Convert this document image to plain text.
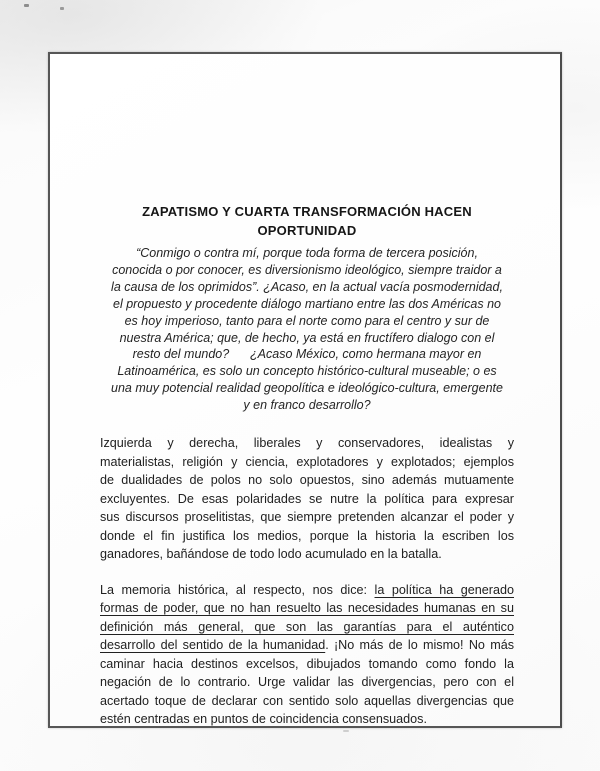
ZAPATISMO Y CUARTA TRANSFORMACIÓN HACEN
OPORTUNIDAD
“Conmigo o contra mí, porque toda forma de tercera posición,
conocida o por conocer, es diversionismo ideológico, siempre traidor a
la causa de los oprimidos”. ¿Acaso, en la actual vacía posmodernidad,
el propuesto y procedente diálogo martiano entre las dos Américas no
es hoy imperioso, tanto para el norte como para el centro y sur de
nuestra América; que, de hecho, ya está en fructífero dialogo con el
resto del mundo?      ¿Acaso México, como hermana mayor en
Latinoamérica, es solo un concepto histórico-cultural museable; o es
una muy potencial realidad geopolítica e ideológico-cultura, emergente
y en franco desarrollo?
Izquierda y derecha, liberales y conservadores, idealistas y
materialistas, religión y ciencia, explotadores y explotados; ejemplos
de dualidades de polos no solo opuestos, sino además mutuamente
excluyentes. De esas polaridades se nutre la política para expresar
sus discursos proselitistas, que siempre pretenden alcanzar el poder y
donde el fin justifica los medios, porque la historia la escriben los
ganadores, bañándose de todo lodo acumulado en la batalla.
La memoria histórica, al respecto, nos dice: la política ha generado
formas de poder, que no han resuelto las necesidades humanas en su
definición más general, que son las garantías para el auténtico
desarrollo del sentido de la humanidad. ¡No más de lo mismo! No más
caminar hacia destinos excelsos, dibujados tomando como fondo la
negación de lo contrario. Urge validar las divergencias, pero con el
acertado toque de declarar con sentido solo aquellas divergencias que
estén centradas en puntos de coincidencia consensuados.
